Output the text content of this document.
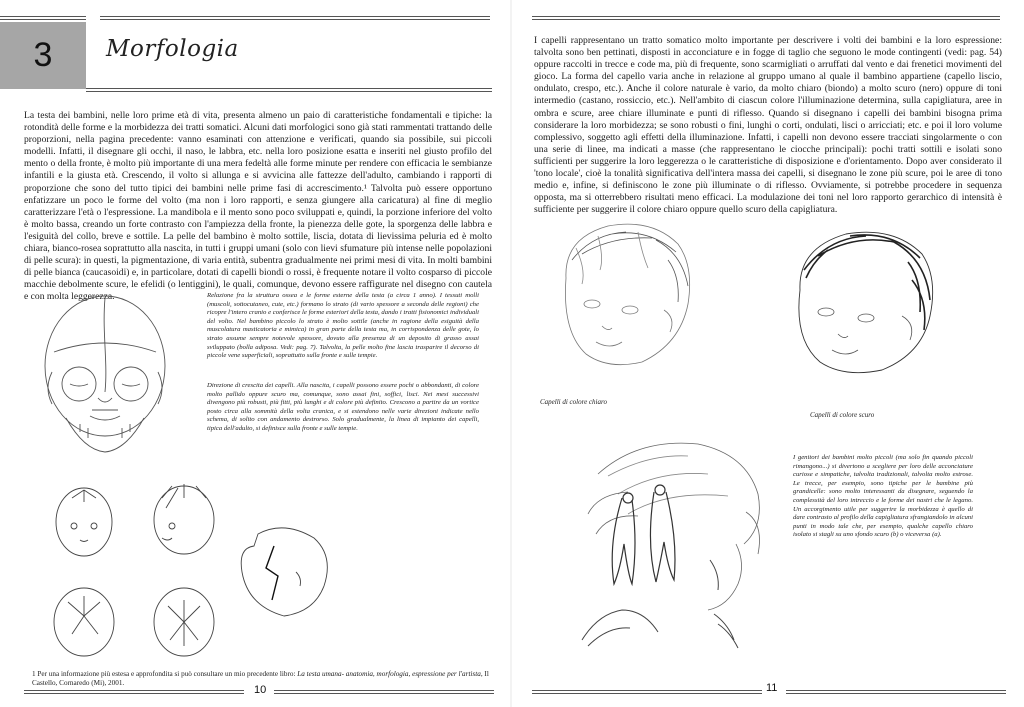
3 Morfologia
La testa dei bambini, nelle loro prime età di vita, presenta almeno un paio di caratteristiche fondamentali e tipiche: la rotondità delle forme e la morbidezza dei tratti somatici. Alcuni dati morfologici sono già stati rammentati trattando delle proporzioni, nella pagina precedente: vanno esaminati con attenzione e verificati, quando sia possibile, sui piccoli modelli. Infatti, il disegnare gli occhi, il naso, le labbra, etc. nella loro posizione esatta e inseriti nel giusto profilo del mento o della fronte, è molto più importante di una mera fedeltà alle forme minute per rendere con efficacia le sembianze infantili e la giusta età. Crescendo, il volto si allunga e si avvicina alle fattezze dell'adulto, cambiando i rapporti di proporzione che sono del tutto tipici dei bambini nelle prime fasi di accrescimento.¹ Talvolta può essere opportuno enfatizzare un poco le forme del volto (ma non i loro rapporti, e senza giungere alla caricatura) al fine di meglio caratterizzare l'età o l'espressione. La mandibola e il mento sono poco sviluppati e, quindi, la porzione inferiore del volto è molto bassa, creando un forte contrasto con l'ampiezza della fronte, la pienezza delle gote, la sporgenza delle labbra e l'esiguità del collo, breve e sottile. La pelle del bambino è molto sottile, liscia, dotata di lievissima peluria ed è molto chiara, bianco-rosea soprattutto alla nascita, in tutti i gruppi umani (solo con lievi sfumature più intense nelle popolazioni di pelle scura): in questi, la pigmentazione, di varia entità, subentra gradualmente nei primi mesi di vita. In molti bambini di pelle bianca (caucasoidi) e, in particolare, dotati di capelli biondi o rossi, è frequente notare il volto cosparso di piccole macchie debolmente scure, le efelidi (o lentiggini), le quali, comunque, devono essere raffigurate nel disegno con cautela e con molta leggerezza.	Relazione fra la struttura ossea e le forme esterne della testa (a circa 1 anno). I tessuti molli (muscoli, sottocutaneo, cute, etc.) formano lo strato (di vario spessore a seconda delle regioni) che ricopre l'intero cranio e conferisce le forme esteriori della testa, dando i tratti fisionomici individuali del volto. Nel bambino piccolo lo strato è molto sottile (anche in ragione della esiguità della muscolatura masticatoria e mimica) in gran parte della testa ma, in corrispondenza delle gote, lo strato assume sempre notevole spessore, dovuto alla presenza di un deposito di grasso assai sviluppato (bolla adiposa. Vedi: pag. 7). Talvolta, la pelle molto fine lascia trasparire il decorso di piccole vene superficiali, soprattutto sulla fronte e sulle tempie.
Direzione di crescita dei capelli. Alla nascita, i capelli possono essere pochi o abbondanti, di colore molto pallido oppure scuro ma, comunque, sono assai fini, soffici, lisci. Nei mesi successivi divengono più robusti, più fitti, più lunghi e di colore più definito. Crescono a partire da un vortice posto circa alla sommità della volta cranica, e si estendono nelle varie direzioni indicate nello schema, di solito con andamento destrorso. Solo gradualmente, la linea di impianto dei capelli, tipica dell'adulto, si definisce sulla fronte e sulle tempie.
1 Per una informazione più estesa e approfondita si può consultare un mio precedente libro: La testa umana- anatomia, morfologia, espressione per l'artista, Il Castello, Cornaredo (Mi), 2001.
10
I capelli rappresentano un tratto somatico molto importante per descrivere i volti dei bambini e la loro espressione: talvolta sono ben pettinati, disposti in acconciature e in fogge di taglio che seguono le mode contingenti (vedi: pag. 54) oppure raccolti in trecce e code ma, più di frequente, sono scarmigliati o arruffati dal vento e dai frenetici movimenti del gioco. La forma del capello varia anche in relazione al gruppo umano al quale il bambino appartiene (capello liscio, ondulato, crespo, etc.). Anche il colore naturale è vario, da molto chiaro (biondo) a molto scuro (nero) oppure di toni intermedio (castano, rossiccio, etc.). Nell'ambito di ciascun colore l'illuminazione determina, sulla capigliatura, aree in ombra e scure, aree chiare illuminate e punti di riflesso. Quando si disegnano i capelli dei bambini bisogna prima considerare la loro morbidezza; se sono robusti o fini, lunghi o corti, ondulati, lisci o arricciati; etc. e poi il loro volume complessivo, soggetto agli effetti della illuminazione. Infatti, i capelli non devono essere tracciati singolarmente o con una serie di linee, ma indicati a masse (che rappresentano le ciocche principali): pochi tratti sottili e isolati sono sufficienti per suggerire la loro leggerezza o le caratteristiche di disposizione e d'orientamento. Dopo aver considerato il 'tono locale', cioè la tonalità significativa dell'intera massa dei capelli, si disegnano le zone più scure, poi le aree di tono medio e, infine, si definiscono le zone più illuminate o di riflesso. Ovviamente, si potrebbe procedere in sequenza opposta, ma si otterrebbero risultati meno efficaci. La modulazione dei toni nel loro rapporto gerarchico di intensità è sufficiente per suggerire il colore chiaro oppure quello scuro della capigliatura.
Capelli di colore chiaro
Capelli di colore scuro
I genitori dei bambini molto piccoli (ma solo fin quando piccoli rimangono...) si divertono a scegliere per loro delle acconciature curiose e simpatiche, talvolta tradizionali, talvolta molto estrose. Le trecce, per esempio, sono tipiche per le bambine più grandicelle: sono molto interessanti da disegnare, seguendo la complessità del loro intreccio e le forme dei nastri che le legano. Un accorgimento utile per suggerire la morbidezza è quello di dare contrasto al profilo della capigliatura sfrangiandolo in alcuni punti in modo tale che, per esempio, qualche capello chiaro isolato si stagli su uno sfondo scuro (b) o viceversa (a).
11
